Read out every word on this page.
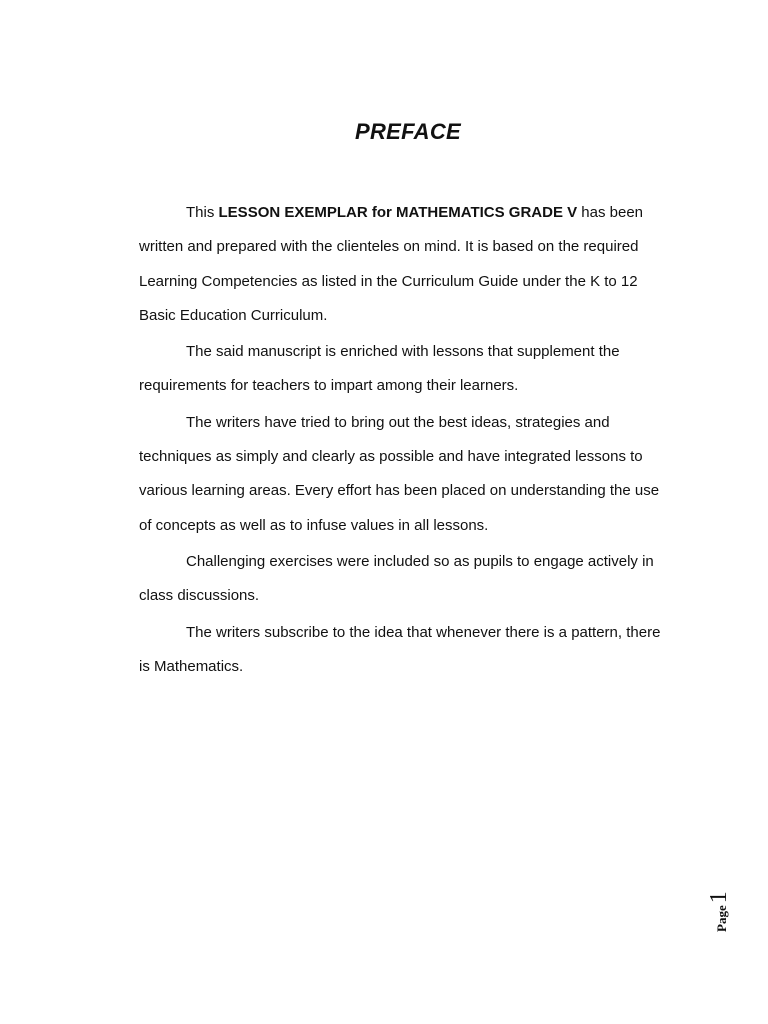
PREFACE

This LESSON EXEMPLAR for MATHEMATICS GRADE V has been written and prepared with the clienteles on mind. It is based on the required Learning Competencies as listed in the Curriculum Guide under the K to 12 Basic Education Curriculum.

The said manuscript is enriched with lessons that supplement the requirements for teachers to impart among their learners.

The writers have tried to bring out the best ideas, strategies and techniques as simply and clearly as possible and have integrated lessons to various learning areas. Every effort has been placed on understanding the use of concepts as well as to infuse values in all lessons.

Challenging exercises were included so as pupils to engage actively in class discussions.

The writers subscribe to the idea that whenever there is a pattern, there is Mathematics.

Page
1
